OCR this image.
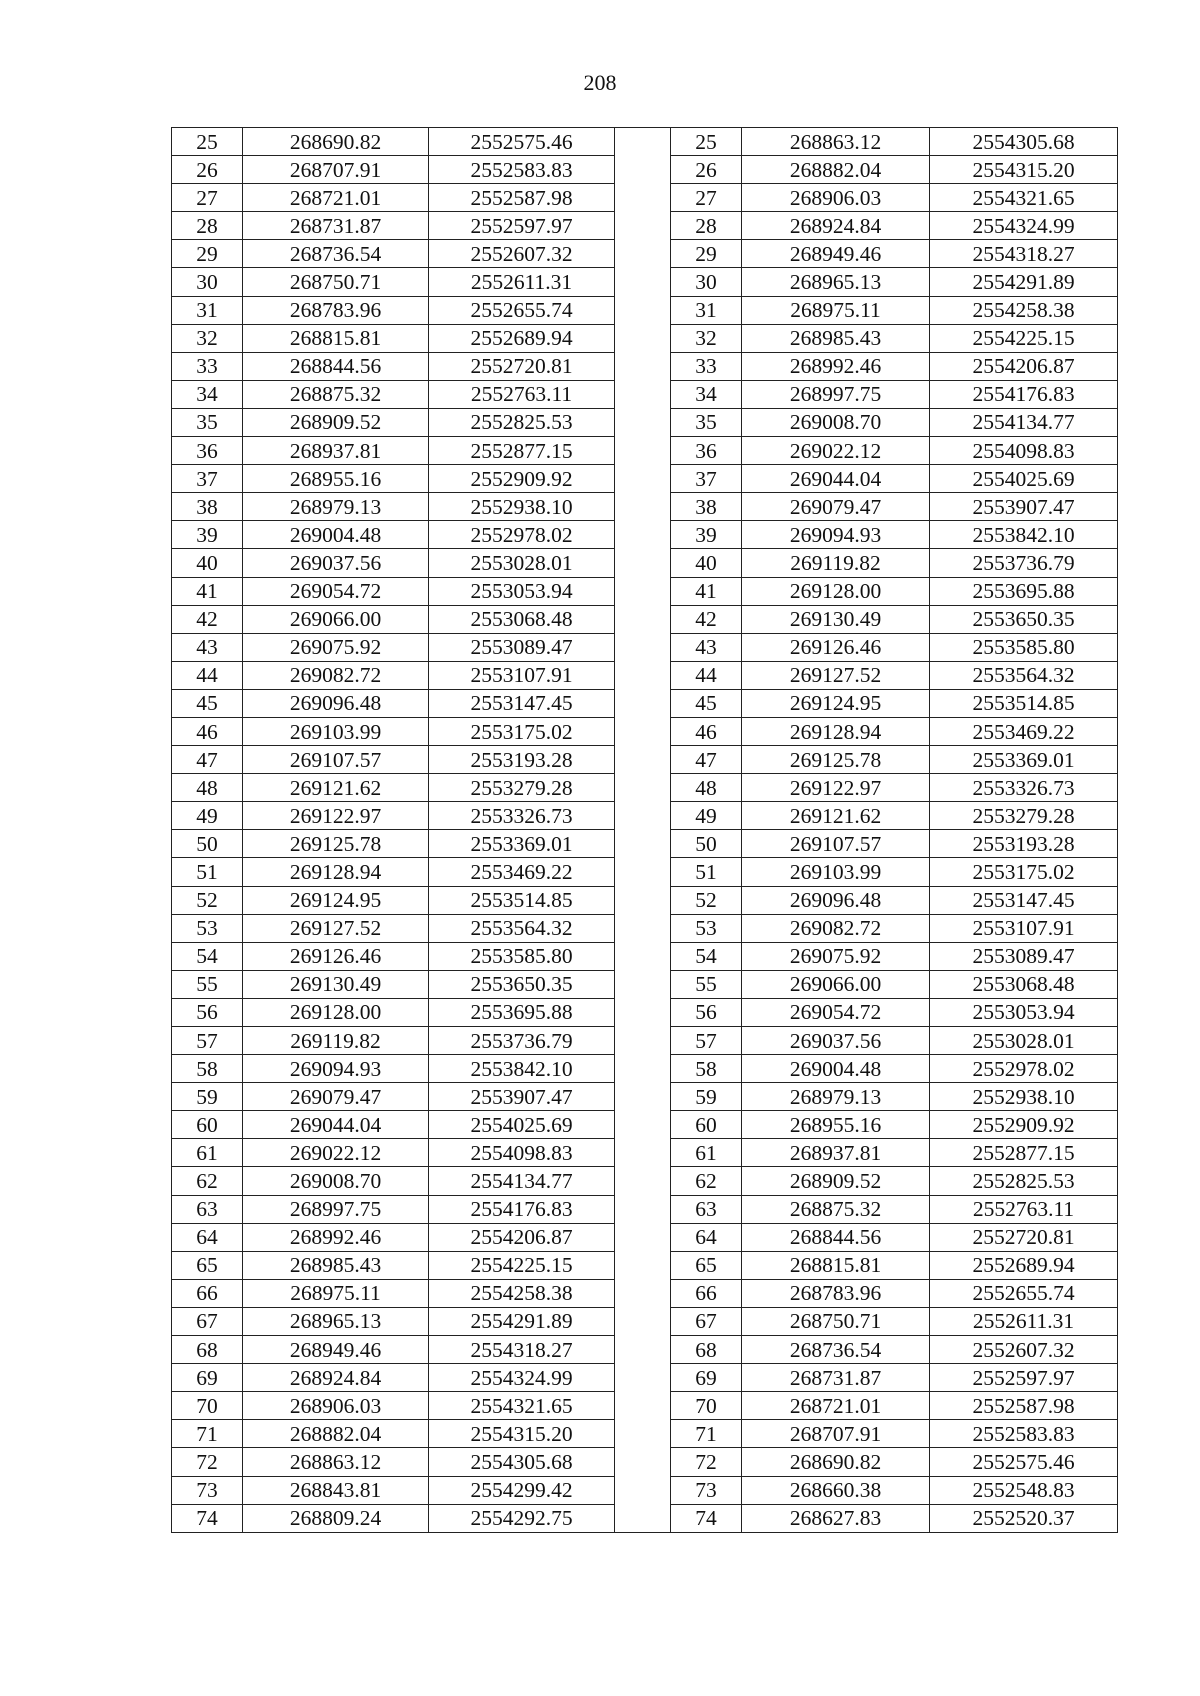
208
25	268690.82	2552575.46		25	268863.12	2554305.68
26	268707.91	2552583.83		26	268882.04	2554315.20
27	268721.01	2552587.98		27	268906.03	2554321.65
28	268731.87	2552597.97		28	268924.84	2554324.99
29	268736.54	2552607.32		29	268949.46	2554318.27
30	268750.71	2552611.31		30	268965.13	2554291.89
31	268783.96	2552655.74		31	268975.11	2554258.38
32	268815.81	2552689.94		32	268985.43	2554225.15
33	268844.56	2552720.81		33	268992.46	2554206.87
34	268875.32	2552763.11		34	268997.75	2554176.83
35	268909.52	2552825.53		35	269008.70	2554134.77
36	268937.81	2552877.15		36	269022.12	2554098.83
37	268955.16	2552909.92		37	269044.04	2554025.69
38	268979.13	2552938.10		38	269079.47	2553907.47
39	269004.48	2552978.02		39	269094.93	2553842.10
40	269037.56	2553028.01		40	269119.82	2553736.79
41	269054.72	2553053.94		41	269128.00	2553695.88
42	269066.00	2553068.48		42	269130.49	2553650.35
43	269075.92	2553089.47		43	269126.46	2553585.80
44	269082.72	2553107.91		44	269127.52	2553564.32
45	269096.48	2553147.45		45	269124.95	2553514.85
46	269103.99	2553175.02		46	269128.94	2553469.22
47	269107.57	2553193.28		47	269125.78	2553369.01
48	269121.62	2553279.28		48	269122.97	2553326.73
49	269122.97	2553326.73		49	269121.62	2553279.28
50	269125.78	2553369.01		50	269107.57	2553193.28
51	269128.94	2553469.22		51	269103.99	2553175.02
52	269124.95	2553514.85		52	269096.48	2553147.45
53	269127.52	2553564.32		53	269082.72	2553107.91
54	269126.46	2553585.80		54	269075.92	2553089.47
55	269130.49	2553650.35		55	269066.00	2553068.48
56	269128.00	2553695.88		56	269054.72	2553053.94
57	269119.82	2553736.79		57	269037.56	2553028.01
58	269094.93	2553842.10		58	269004.48	2552978.02
59	269079.47	2553907.47		59	268979.13	2552938.10
60	269044.04	2554025.69		60	268955.16	2552909.92
61	269022.12	2554098.83		61	268937.81	2552877.15
62	269008.70	2554134.77		62	268909.52	2552825.53
63	268997.75	2554176.83		63	268875.32	2552763.11
64	268992.46	2554206.87		64	268844.56	2552720.81
65	268985.43	2554225.15		65	268815.81	2552689.94
66	268975.11	2554258.38		66	268783.96	2552655.74
67	268965.13	2554291.89		67	268750.71	2552611.31
68	268949.46	2554318.27		68	268736.54	2552607.32
69	268924.84	2554324.99		69	268731.87	2552597.97
70	268906.03	2554321.65		70	268721.01	2552587.98
71	268882.04	2554315.20		71	268707.91	2552583.83
72	268863.12	2554305.68		72	268690.82	2552575.46
73	268843.81	2554299.42		73	268660.38	2552548.83
74	268809.24	2554292.75		74	268627.83	2552520.37
